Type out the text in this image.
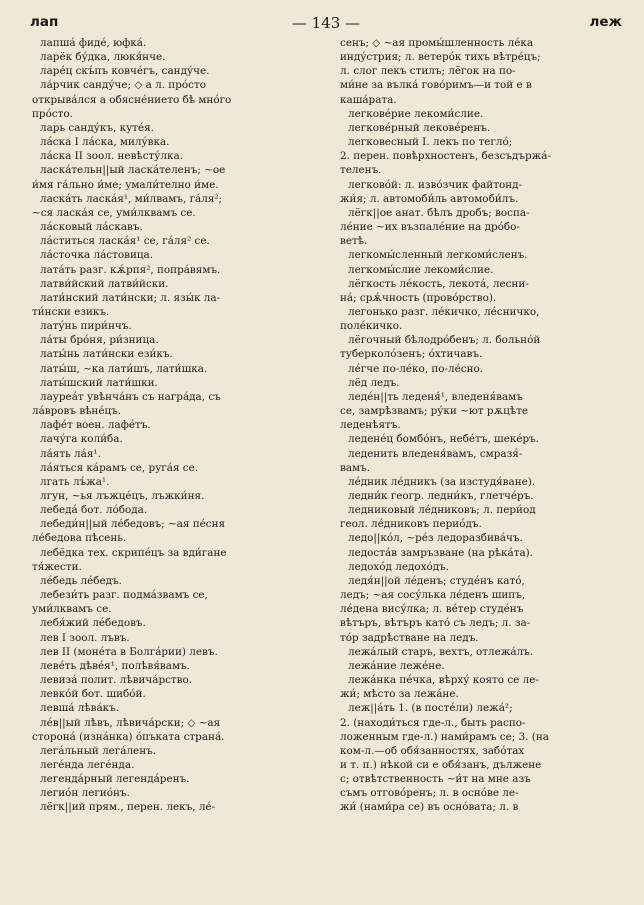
лап	— 143 —	леж
лапша́ фиде́, юфка́.
ларёк бу́дка, люкя́нче.
ларе́ц скъ́пъ ковче́гъ, санду́че.
ла́рчик санду́че; ◇ а л. про́сто
открыва́лся а обясне́нието бѣ мно́го
про́сто.
ларь санду́къ, куте́я.
ла́ска I ла́ска, милу́вка.
ла́ска II зоол. невѣсту́лка.
ласка́тельн||ый ласка́теленъ; ~ое
и́мя га́льно и́ме; умали́телно и́ме.
ласка́ть ласка́я¹, ми́лвамъ, га́ля²;
~ся ласка́я се, уми́лквамъ се.
ла́сковый ла́скавъ.
ла́ститься ласка́я¹ се, га́ля² се.
ла́сточка ла́стовица.
лата́ть разг. кѫ́рпя², попра́вямъ.
латви́йский латви́йски.
лати́нский лати́нски; л. язы́к ла-
ти́нски езикъ.
лату́нь пири́нчъ.
ла́ты бро́ня, ри́зница.
латы́нь лати́нски ези́къ.
латы́ш, ~ка лати́шъ, лати́шка.
латы́шский лати́шки.
лауреа́т увѣнча́нъ съ награ́да, съ
ла́вровъ вѣне́цъ.
лафе́т воен. лафе́тъ.
лачу́га коли́ба.
ла́ять ла́я¹.
ла́яться ка́рамъ се, руга́я се.
лгать лъ́жа¹.
лгун, ~ья лъжце́цъ, лъжки́ня.
лебеда́ бот. ло́бода.
лебеди́н||ый ле́бедовъ; ~ая пе́сня
ле́бедова пѣсень.
лебёдка тех. скрипе́цъ за вди́гане
тя́жести.
ле́бедь ле́бедъ.
лебези́ть разг. подма́звамъ се,
уми́лквамъ се.
лебя́жий ле́бедовъ.
лев I зоол. лъвъ.
лев II (моне́та в Болга́рии) левъ.
леве́ть дѣве́я¹, полѣвя́вамъ.
левиза́ полит. лѣвича́рство.
левко́й бот. шибо́й.
левша́ лѣва́къ.
ле́в||ый лѣвъ, лѣвича́рски; ◇ ~ая
сторона́ (изна́нка) о́пъката страна́.
лега́льный лега́ленъ.
леге́нда леге́нда.
легенда́рный легенда́ренъ.
легио́н легио́нъ.
лёгк||ий прям., перен. лекъ, ле́-
сенъ; ◇ ~ая промы́шленность ле́ка
инду́стрия; л. ветеро́к тихъ вѣтре́цъ;
л. слог лекъ стилъ; лёгок на по-
ми́не за вълка́ гово́римъ—и той е в
каша́рата.
легкове́рие лекоми́слие.
легкове́рный лекове́ренъ.
легковесный I. лекъ по тегло́;
2. перен. повѣрхностенъ, безсъдържа́-
теленъ.
легково́й: л. изво́зчик файтонд-
жи́я; л. автомоби́ль автомоби́лъ.
лёгк||ое анат. бѣлъ дробъ; воспа-
ле́ние ~их възпале́ние на дро́бо-
ветѣ.
легкомы́сленный легкоми́сленъ.
легкомы́слие лекоми́слие.
лёгкость ле́кость, лекота́, лесни-
на́; срѫ́чность (прово́рство).
легонько разг. ле́кичко, ле́сничко,
поле́кичко.
лёгочный бѣлодро́бенъ; л. больно́й
туберколо́зенъ; о́хтичавъ.
ле́гче по-ле́ко, по-ле́сно.
лёд ледъ.
леде́н||ть леденя́¹, вледеня́вамъ
се, замрѣзвамъ; ру́ки ~ют рѫцѣте
леденѣятъ.
ледене́ц бомбо́нъ, небе́тъ, шеке́ръ.
леденить вледеня́вамъ, смразя́-
вамъ.
ле́дник ле́дникъ (за изстудя́ване).
ледни́к геогр. ледни́къ, глетче́ръ.
ледниковый ле́дниковъ; л. пери́од
геол. ле́дниковъ перио́дъ.
ледо||ко́л, ~ре́з ледоразбива́чъ.
ледоста́в замръзване (на рѣка́та).
ледохо́д ледохо́дъ.
ледя́н||ой ле́денъ; студе́нъ като́,
ледъ; ~ая сосу́лька ле́денъ шипъ,
ле́дена вису́лка; л. ве́тер студе́нъ
вѣтъръ, вѣтъръ като́ съ ледъ; л. за-
то́р задрѣстване на ледъ.
лежа́лый старъ, вехтъ, отлежа́лъ.
лежа́ние леже́не.
лежа́нка пе́чка, вѣрху́ която се ле-
жи́; мѣсто за лежа́не.
леж||а́ть 1. (в посте́ли) лежа́²;
2. (находи́ться где-л., быть распо-
ложенным где-л.) нами́рамъ се; 3. (на
ком-л.—об обя́занностях, забо́тах
и т. п.) нѣкой си е обя́занъ, дължене
с; отвѣтственность ~и́т на мне азъ
съмъ отгово́ренъ; л. в осно́ве ле-
жи́ (нами́ра се) въ осно́вата; л. в
